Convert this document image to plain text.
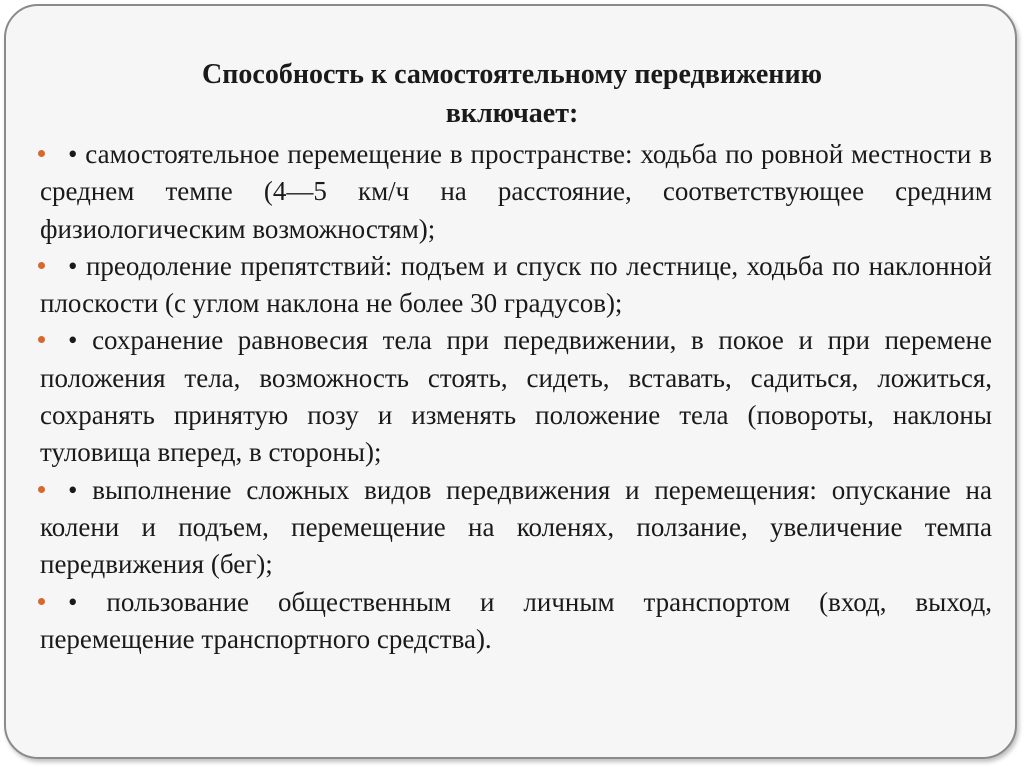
Способность к самостоятельному передвижению
включает:
• самостоятельное перемещение в пространстве: ходьба по ровной местности в среднем темпе (4—5 км/ч на расстояние, соответствующее средним физиологическим возможностям);
• преодоление препятствий: подъем и спуск по лестнице, ходьба по наклонной плоскости (с углом наклона не более 30 градусов);
• сохранение равновесия тела при передвижении, в покое и при перемене положения тела, возможность стоять, сидеть, вставать, садиться, ложиться, сохранять принятую позу и изменять положение тела (повороты, наклоны туловища вперед, в стороны);
• выполнение сложных видов передвижения и перемещения: опускание на колени и подъем, перемещение на коленях, ползание, увеличение темпа передвижения (бег);
• пользование общественным и личным транспортом (вход, выход, перемещение транспортного средства).
